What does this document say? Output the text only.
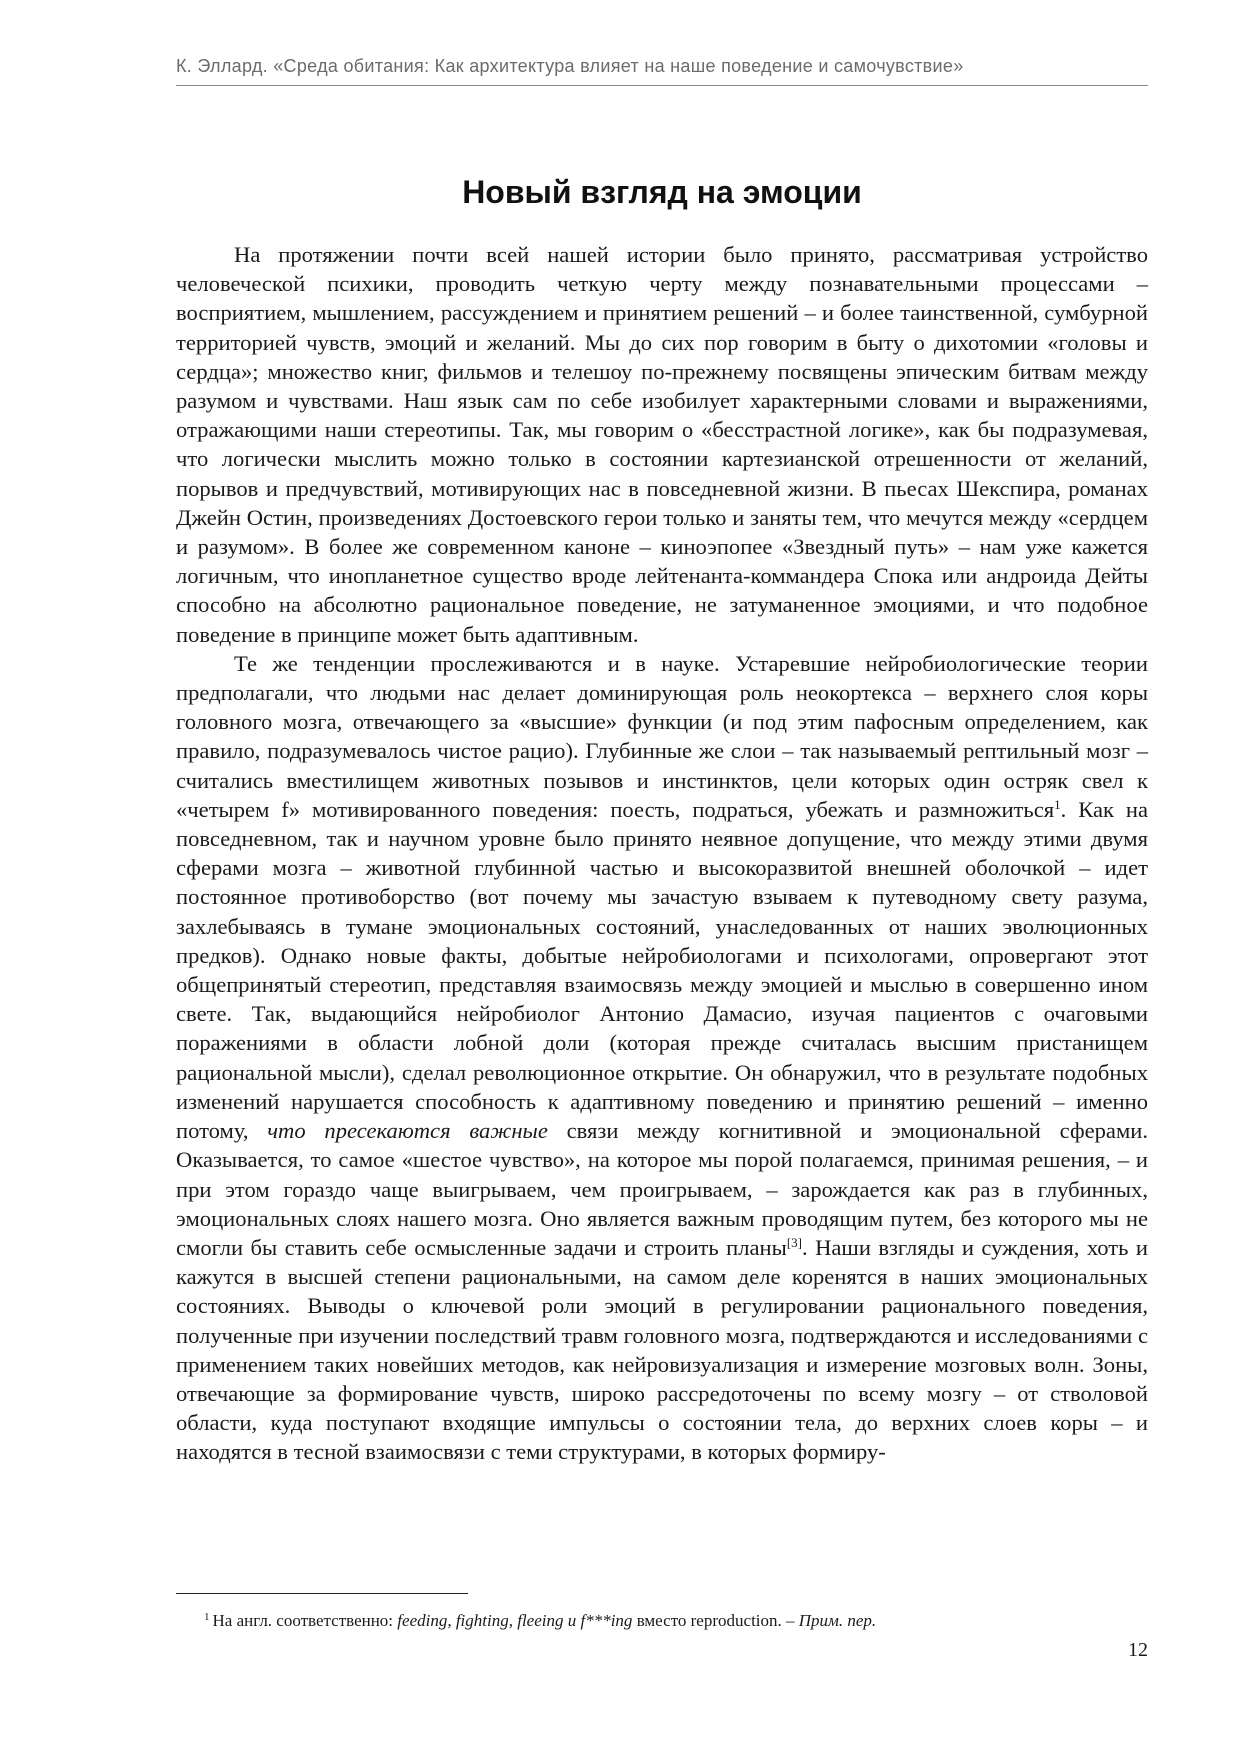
К. Эллард. «Среда обитания: Как архитектура влияет на наше поведение и самочувствие»
Новый взгляд на эмоции

На протяжении почти всей нашей истории было принято, рассматривая устройство человеческой психики, проводить четкую черту между познавательными процессами – восприятием, мышлением, рассуждением и принятием решений – и более таинственной, сумбурной территорией чувств, эмоций и желаний. Мы до сих пор говорим в быту о дихотомии «головы и сердца»; множество книг, фильмов и телешоу по-прежнему посвящены эпическим битвам между разумом и чувствами. Наш язык сам по себе изобилует характерными словами и выражениями, отражающими наши стереотипы. Так, мы говорим о «бесстрастной логике», как бы подразумевая, что логически мыслить можно только в состоянии картезианской отрешенности от желаний, порывов и предчувствий, мотивирующих нас в повседневной жизни. В пьесах Шекспира, романах Джейн Остин, произведениях Достоевского герои только и заняты тем, что мечутся между «сердцем и разумом». В более же современном каноне – киноэпопее «Звездный путь» – нам уже кажется логичным, что инопланетное существо вроде лейтенанта-коммандера Спока или андроида Дейты способно на абсолютно рациональное поведение, не затуманенное эмоциями, и что подобное поведение в принципе может быть адаптивным.

Те же тенденции прослеживаются и в науке. Устаревшие нейробиологические теории предполагали, что людьми нас делает доминирующая роль неокортекса – верхнего слоя коры головного мозга, отвечающего за «высшие» функции (и под этим пафосным определением, как правило, подразумевалось чистое рацио). Глубинные же слои – так называемый рептильный мозг – считались вместилищем животных позывов и инстинктов, цели которых один остряк свел к «четырем f» мотивированного поведения: поесть, подраться, убежать и размножиться$^1$. Как на повседневном, так и научном уровне было принято неявное допущение, что между этими двумя сферами мозга – животной глубинной частью и высокоразвитой внешней оболочкой – идет постоянное противоборство (вот почему мы зачастую взываем к путеводному свету разума, захлебываясь в тумане эмоциональных состояний, унаследованных от наших эволюционных предков). Однако новые факты, добытые нейробиологами и психологами, опровергают этот общепринятый стереотип, представляя взаимосвязь между эмоцией и мыслью в совершенно ином свете. Так, выдающийся нейробиолог Антонио Дамасио, изучая пациентов с очаговыми поражениями в области лобной доли (которая прежде считалась высшим пристанищем рациональной мысли), сделал революционное открытие. Он обнаружил, что в результате подобных изменений нарушается способность к адаптивному поведению и принятию решений – именно потому, что пресекаются важные связи между когнитивной и эмоциональной сферами. Оказывается, то самое «шестое чувство», на которое мы порой полагаемся, принимая решения, – и при этом гораздо чаще выигрываем, чем проигрываем, – зарождается как раз в глубинных, эмоциональных слоях нашего мозга. Оно является важным проводящим путем, без которого мы не смогли бы ставить себе осмысленные задачи и строить планы[3]. Наши взгляды и суждения, хоть и кажутся в высшей степени рациональными, на самом деле коренятся в наших эмоциональных состояниях. Выводы о ключевой роли эмоций в регулировании рационального поведения, полученные при изучении последствий травм головного мозга, подтверждаются и исследованиями с применением таких новейших методов, как нейровизуализация и измерение мозговых волн. Зоны, отвечающие за формирование чувств, широко рассредоточены по всему мозгу – от стволовой области, куда поступают входящие импульсы о состоянии тела, до верхних слоев коры – и находятся в тесной взаимосвязи с теми структурами, в которых формиру-

$^1$ На англ. соответственно: feeding, fighting, fleeing и f***ing вместо reproduction. – Прим. пер.
12
